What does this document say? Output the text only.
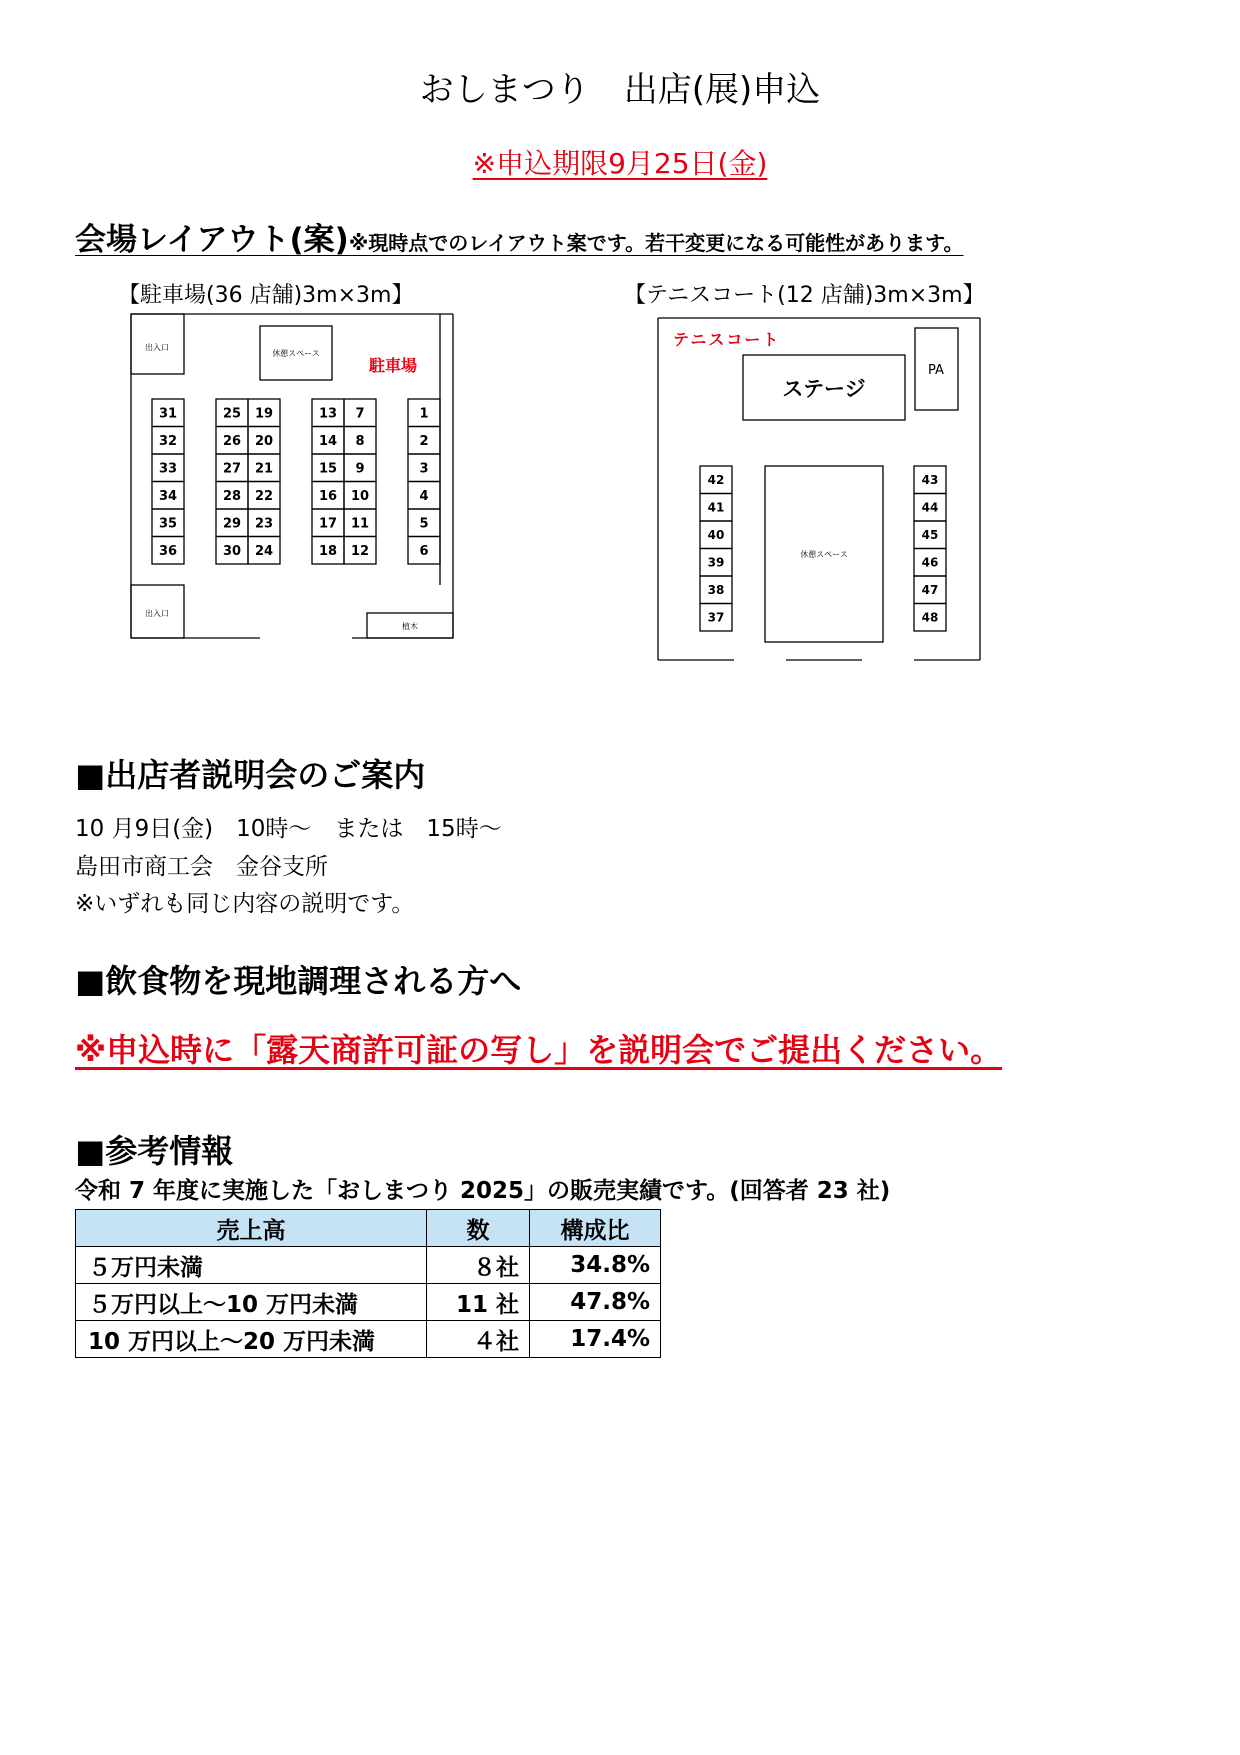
おしまつり　出店(展)申込
※申込期限9月25日(金)
会場レイアウト(案)※現時点でのレイアウト案です。若干変更になる可能性があります。
【駐車場(36 店舗)3m×3m】	【テニスコート(12 店舗)3m×3m】
出入口
出入口
休憩スペース
植木
駐車場
31
32
33
34
35
36
25
26
27
28
29
30
19
20
21
22
23
24
13
14
15
16
17
18
7
8
9
10
11
12
1
2
3
4
5
6
テニスコート
ステージ
PA
休憩スペース
42
41
40
39
38
37
43
44
45
46
47
48
■出店者説明会のご案内
10 月9日(金)　10時〜　または　15時〜
島田市商工会　金谷支所
※いずれも同じ内容の説明です。
■飲食物を現地調理される方へ
※申込時に「露天商許可証の写し」を説明会でご提出ください。
■参考情報
令和 7 年度に実施した「おしまつり 2025」の販売実績です。(回答者 23 社)
売上高	数	構成比
５万円未満	８社	34.8%
５万円以上〜10 万円未満	11 社	47.8%
10 万円以上〜20 万円未満	４社	17.4%
